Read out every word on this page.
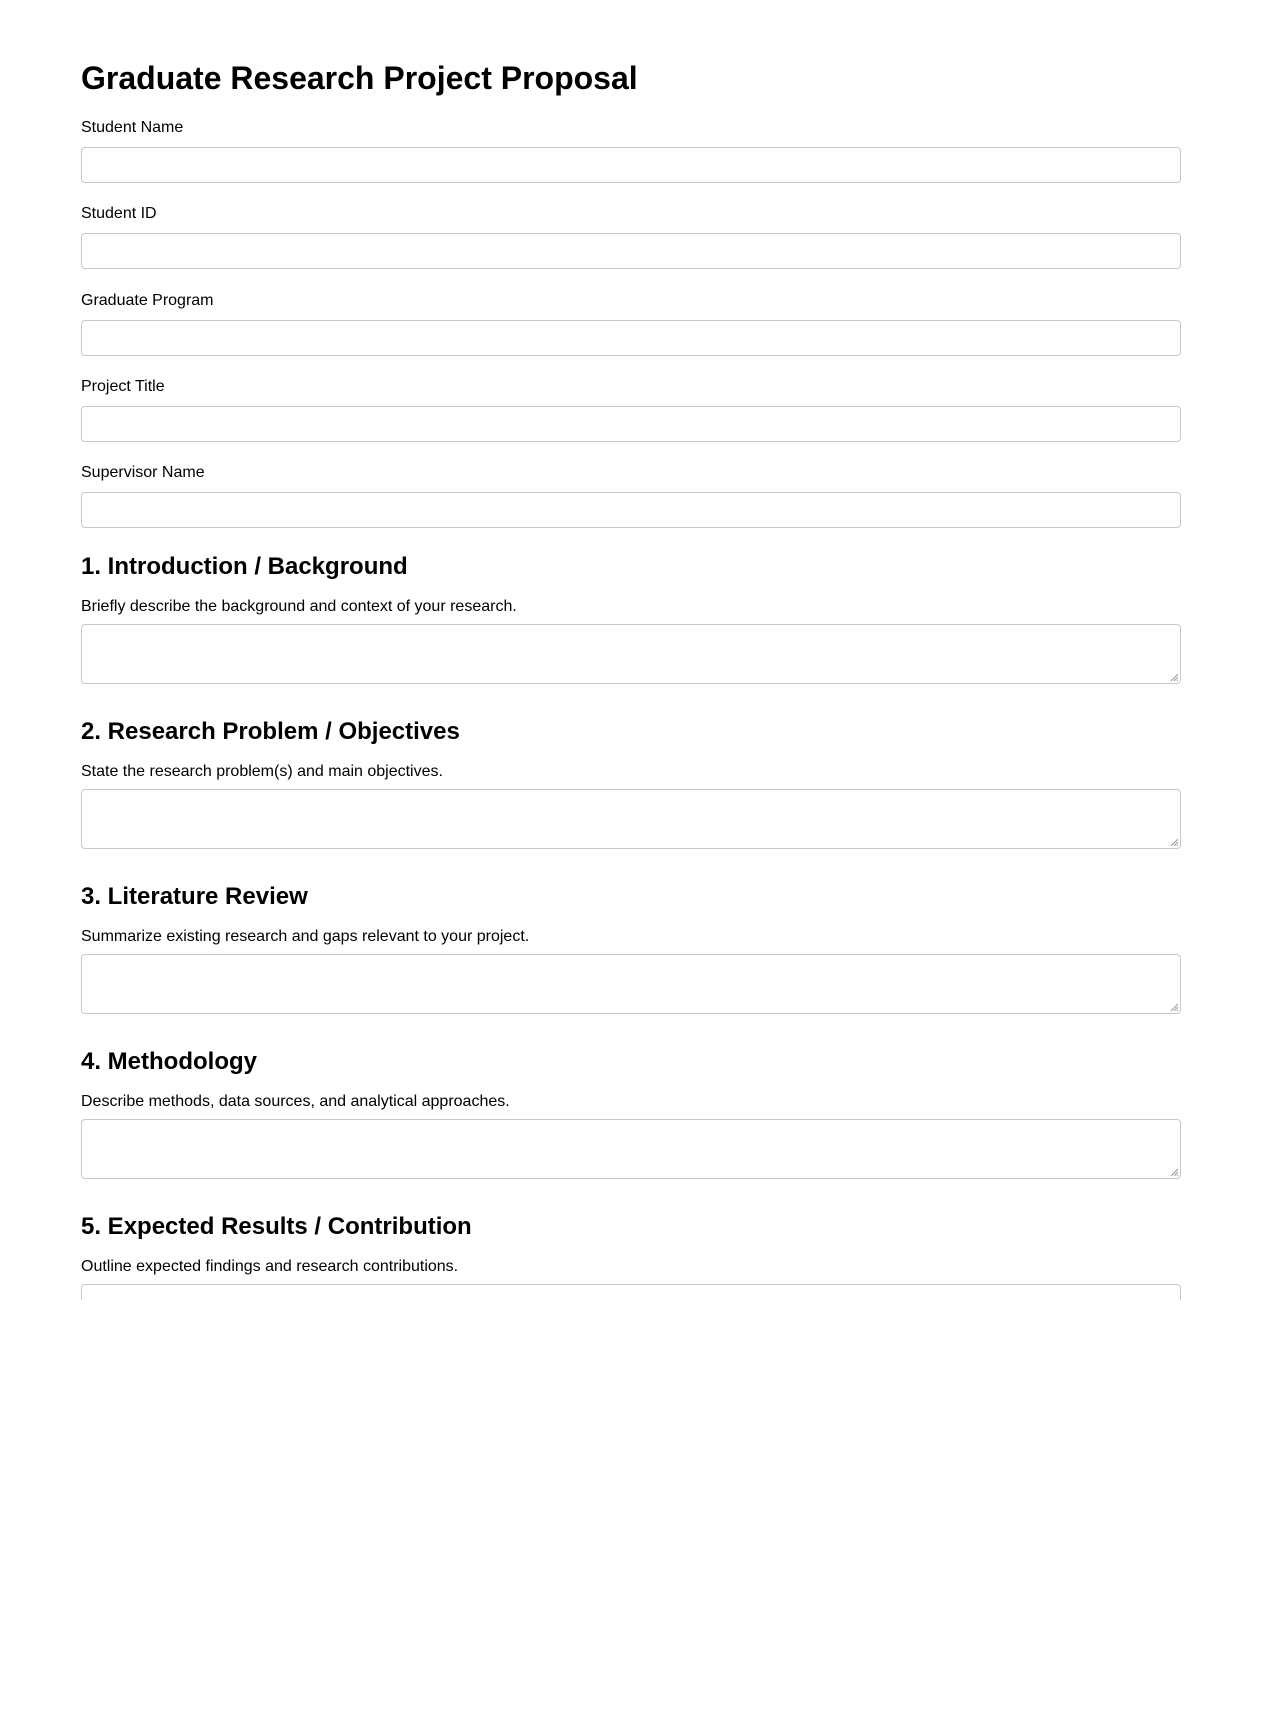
Graduate Research Project Proposal
Student Name
Student ID
Graduate Program
Project Title
Supervisor Name
1. Introduction / Background

Briefly describe the background and context of your research.

2. Research Problem / Objectives

State the research problem(s) and main objectives.

3. Literature Review

Summarize existing research and gaps relevant to your project.

4. Methodology

Describe methods, data sources, and analytical approaches.

5. Expected Results / Contribution

Outline expected findings and research contributions.
